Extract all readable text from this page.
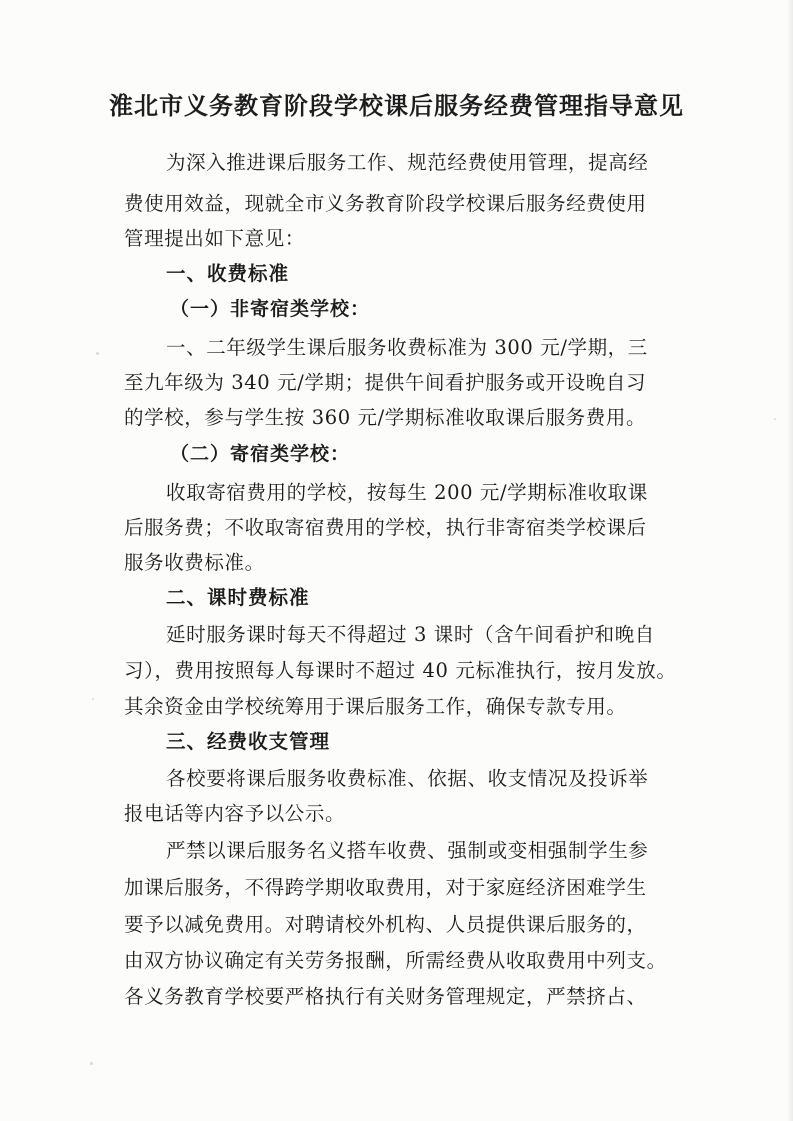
淮北市义务教育阶段学校课后服务经费管理指导意见
为深入推进课后服务工作、规范经费使用管理，提高经
费使用效益，现就全市义务教育阶段学校课后服务经费使用
管理提出如下意见：
一、收费标准
（一）非寄宿类学校：
一、二年级学生课后服务收费标准为 300 元/学期，三
至九年级为 340 元/学期；提供午间看护服务或开设晚自习
的学校，参与学生按 360 元/学期标准收取课后服务费用。
（二）寄宿类学校：
收取寄宿费用的学校，按每生 200 元/学期标准收取课
后服务费；不收取寄宿费用的学校，执行非寄宿类学校课后
服务收费标准。
二、课时费标准
延时服务课时每天不得超过 3 课时（含午间看护和晚自
习），费用按照每人每课时不超过 40 元标准执行，按月发放。
其余资金由学校统筹用于课后服务工作，确保专款专用。
三、经费收支管理
各校要将课后服务收费标准、依据、收支情况及投诉举
报电话等内容予以公示。
严禁以课后服务名义搭车收费、强制或变相强制学生参
加课后服务，不得跨学期收取费用，对于家庭经济困难学生
要予以减免费用。对聘请校外机构、人员提供课后服务的，
由双方协议确定有关劳务报酬，所需经费从收取费用中列支。
各义务教育学校要严格执行有关财务管理规定，严禁挤占、
